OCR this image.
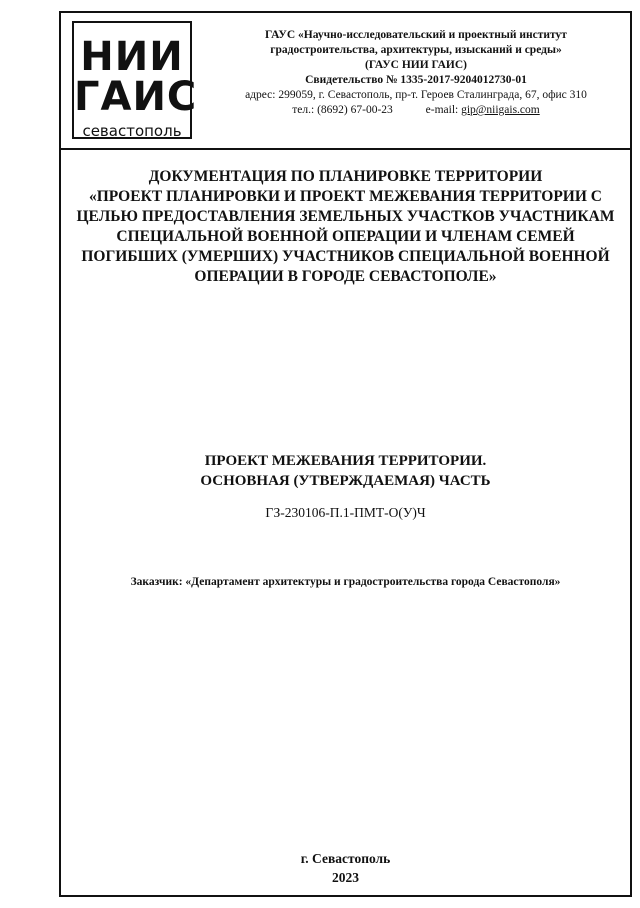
НИИ
ГАИС
севастополь
ГАУС «Научно-исследовательский и проектный институт
градостроительства, архитектуры, изысканий и среды»
(ГАУС НИИ ГАИС)
Свидетельство № 1335-2017-9204012730-01
адрес: 299059, г. Севастополь, пр-т. Героев Сталинграда, 67, офис 310
тел.: (8692) 67-00-23	e-mail: gip@niigais.com
ДОКУМЕНТАЦИЯ ПО ПЛАНИРОВКЕ ТЕРРИТОРИИ
«ПРОЕКТ ПЛАНИРОВКИ И ПРОЕКТ МЕЖЕВАНИЯ ТЕРРИТОРИИ С
ЦЕЛЬЮ ПРЕДОСТАВЛЕНИЯ ЗЕМЕЛЬНЫХ УЧАСТКОВ УЧАСТНИКАМ
СПЕЦИАЛЬНОЙ ВОЕННОЙ ОПЕРАЦИИ И ЧЛЕНАМ СЕМЕЙ
ПОГИБШИХ (УМЕРШИХ) УЧАСТНИКОВ СПЕЦИАЛЬНОЙ ВОЕННОЙ
ОПЕРАЦИИ В ГОРОДЕ СЕВАСТОПОЛЕ»
ПРОЕКТ МЕЖЕВАНИЯ ТЕРРИТОРИИ.
ОСНОВНАЯ (УТВЕРЖДАЕМАЯ) ЧАСТЬ
ГЗ-230106-П.1-ПМТ-О(У)Ч
Заказчик: «Департамент архитектуры и градостроительства города Севастополя»
г. Севастополь
2023
